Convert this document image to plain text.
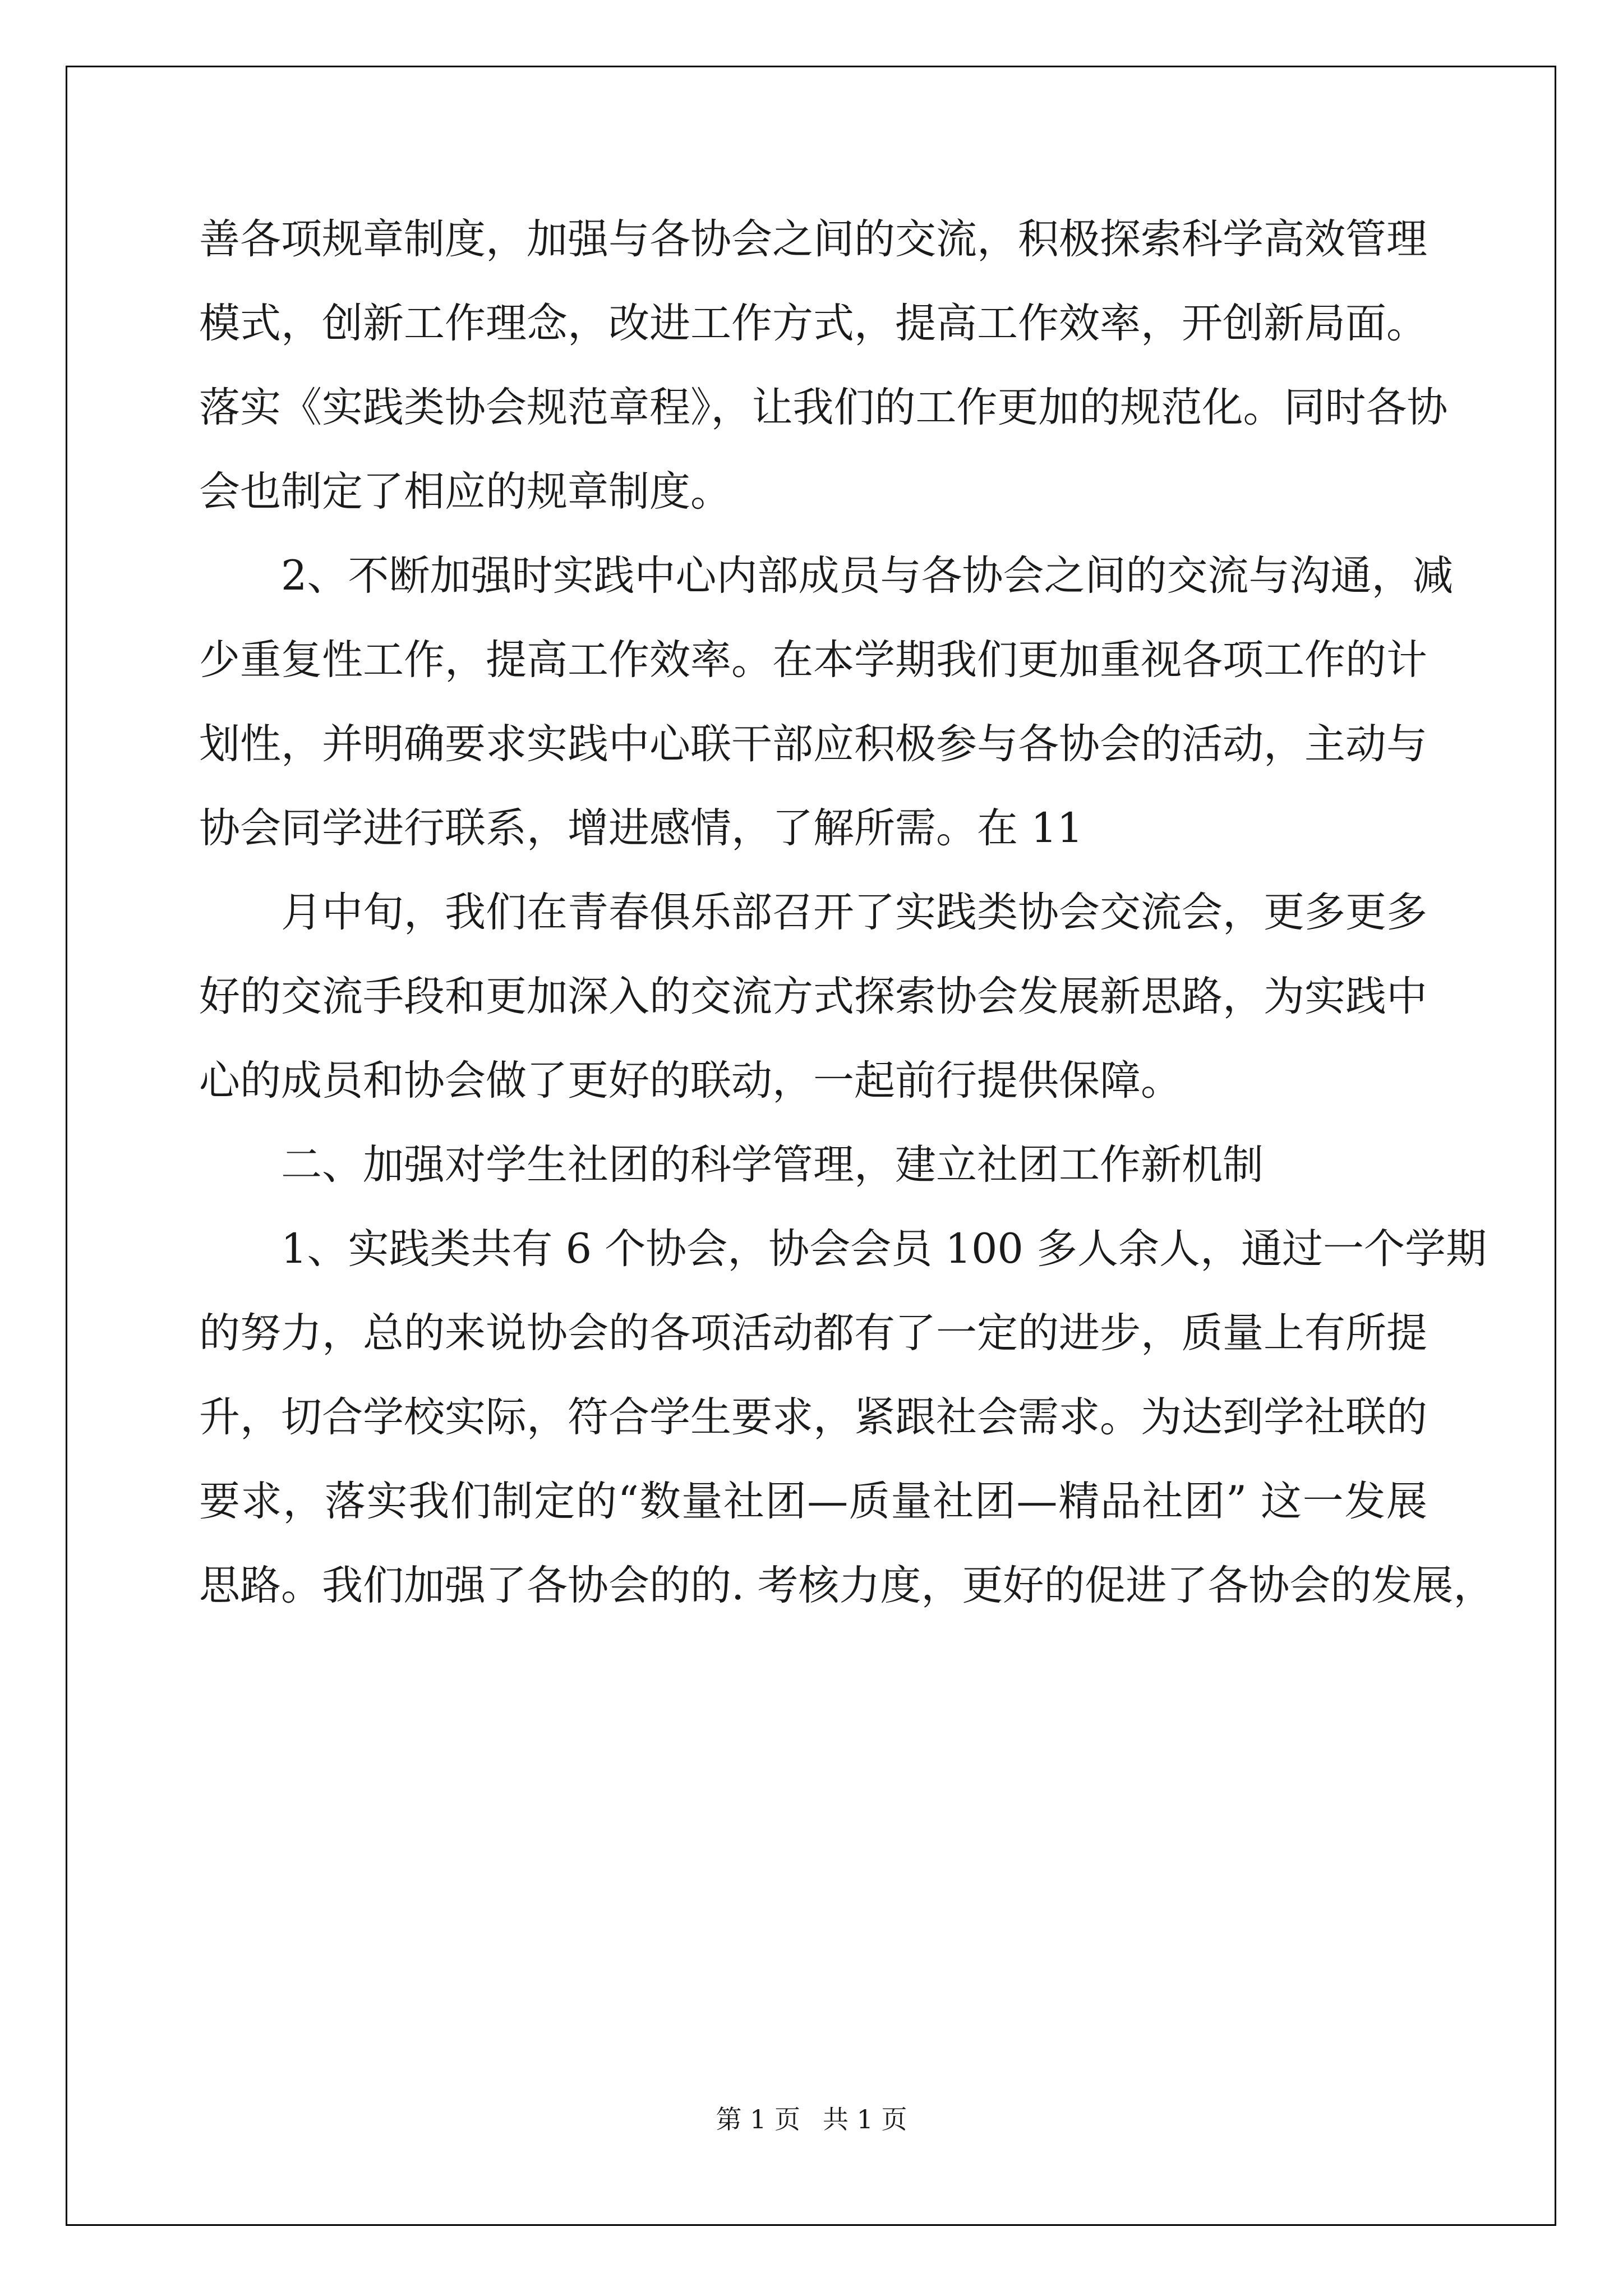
善各项规章制度，加强与各协会之间的交流，积极探索科学高效管理
模式，创新工作理念，改进工作方式，提高工作效率，开创新局面。
落实《实践类协会规范章程》，让我们的工作更加的规范化。同时各协
会也制定了相应的规章制度。
2、不断加强时实践中心内部成员与各协会之间的交流与沟通，减
少重复性工作，提高工作效率。在本学期我们更加重视各项工作的计
划性，并明确要求实践中心联干部应积极参与各协会的活动，主动与
协会同学进行联系，增进感情，了解所需。在 11
月中旬，我们在青春俱乐部召开了实践类协会交流会，更多更多
好的交流手段和更加深入的交流方式探索协会发展新思路，为实践中
心的成员和协会做了更好的联动，一起前行提供保障。
二、加强对学生社团的科学管理，建立社团工作新机制
1、实践类共有 6 个协会，协会会员 100 多人余人，通过一个学期
的努力，总的来说协会的各项活动都有了一定的进步，质量上有所提
升，切合学校实际，符合学生要求，紧跟社会需求。为达到学社联的
要求，落实我们制定的“数量社团—质量社团—精品社团” 这一发展
思路。我们加强了各协会的的. 考核力度，更好的促进了各协会的发展，
第 1 页 共 1 页
